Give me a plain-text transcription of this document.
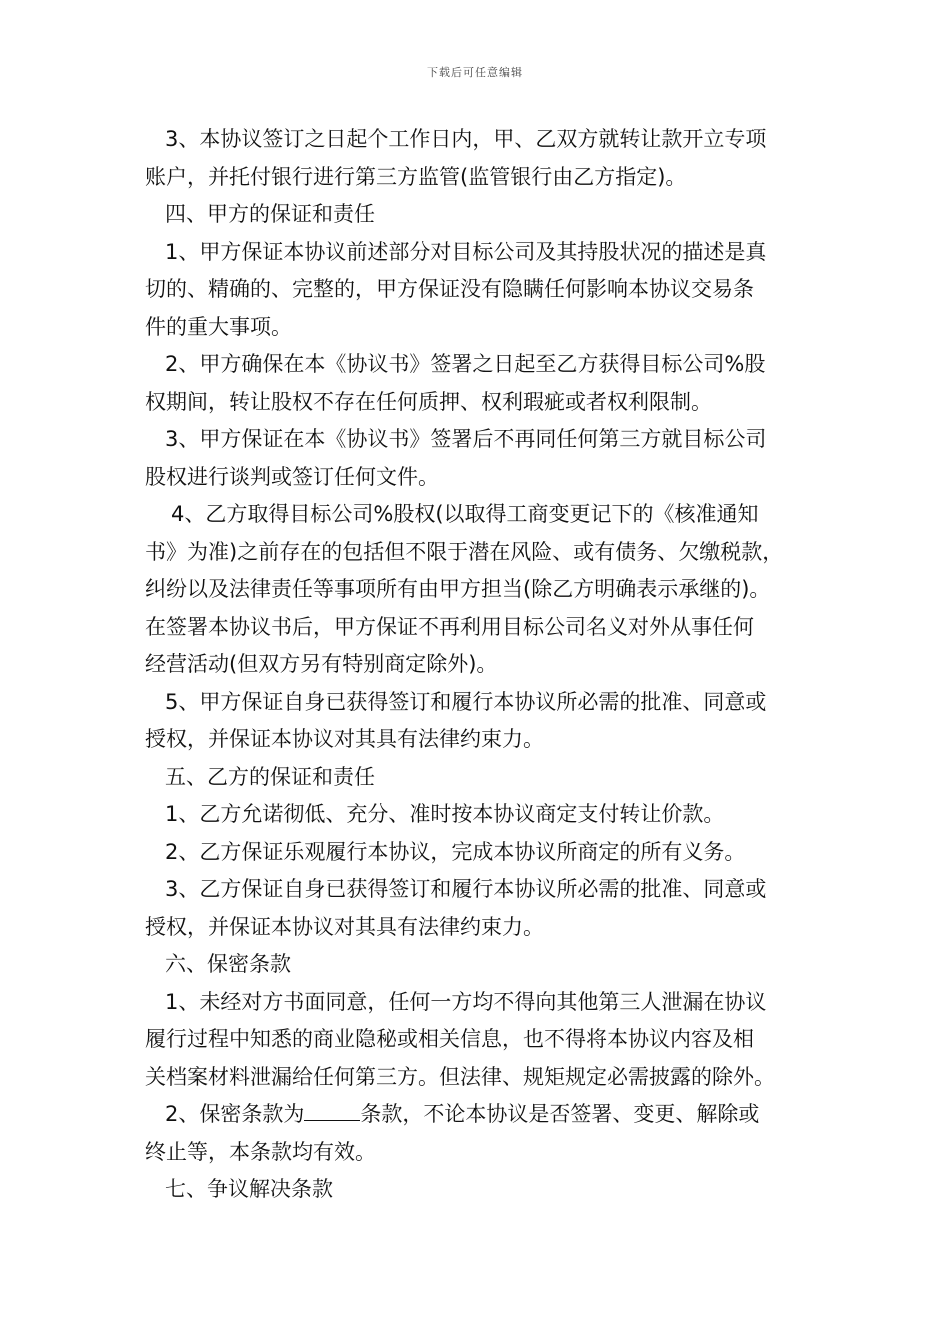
下载后可任意编辑

3、本协议签订之日起个工作日内，甲、乙双方就转让款开立专项

账户，并托付银行进行第三方监管(监管银行由乙方指定)。

四、甲方的保证和责任

1、甲方保证本协议前述部分对目标公司及其持股状况的描述是真

切的、精确的、完整的，甲方保证没有隐瞒任何影响本协议交易条

件的重大事项。

2、甲方确保在本《协议书》签署之日起至乙方获得目标公司%股

权期间，转让股权不存在任何质押、权利瑕疵或者权利限制。

3、甲方保证在本《协议书》签署后不再同任何第三方就目标公司

股权进行谈判或签订任何文件。

4、乙方取得目标公司%股权(以取得工商变更记下的《核准通知

书》为准)之前存在的包括但不限于潜在风险、或有债务、欠缴税款，

纠纷以及法律责任等事项所有由甲方担当(除乙方明确表示承继的)。

在签署本协议书后，甲方保证不再利用目标公司名义对外从事任何

经营活动(但双方另有特别商定除外)。

5、甲方保证自身已获得签订和履行本协议所必需的批准、同意或

授权，并保证本协议对其具有法律约束力。

五、乙方的保证和责任

1、乙方允诺彻低、充分、准时按本协议商定支付转让价款。

2、乙方保证乐观履行本协议，完成本协议所商定的所有义务。

3、乙方保证自身已获得签订和履行本协议所必需的批准、同意或

授权，并保证本协议对其具有法律约束力。

六、保密条款

1、未经对方书面同意，任何一方均不得向其他第三人泄漏在协议

履行过程中知悉的商业隐秘或相关信息，也不得将本协议内容及相

关档案材料泄漏给任何第三方。但法律、规矩规定必需披露的除外。

2、保密条款为	条款，不论本协议是否签署、变更、解除或

终止等，本条款均有效。

七、争议解决条款
